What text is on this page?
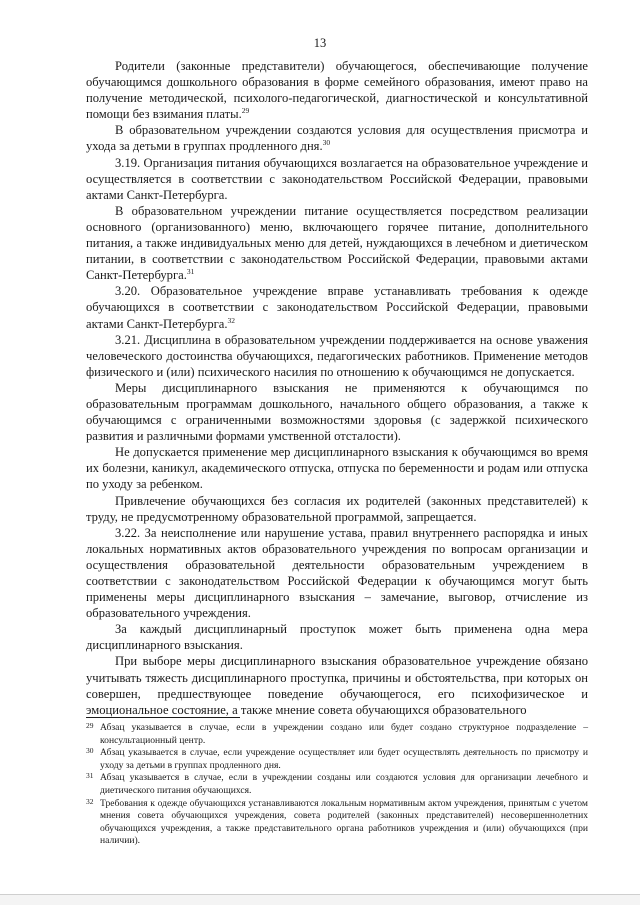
13

Родители (законные представители) обучающегося, обеспечивающие получение обучающимся дошкольного образования в форме семейного образования, имеют право на получение методической, психолого-педагогической, диагностической и консультативной помощи без взимания платы.$^{29}$

В образовательном учреждении создаются условия для осуществления присмотра и ухода за детьми в группах продленного дня.$^{30}$

3.19. Организация питания обучающихся возлагается на образовательное учреждение и осуществляется в соответствии с законодательством Российской Федерации, правовыми актами Санкт-Петербурга.

В образовательном учреждении питание осуществляется посредством реализации основного (организованного) меню, включающего горячее питание, дополнительного питания, а также индивидуальных меню для детей, нуждающихся в лечебном и диетическом питании, в соответствии с законодательством Российской Федерации, правовыми актами Санкт-Петербурга.$^{31}$

3.20. Образовательное учреждение вправе устанавливать требования к одежде обучающихся в соответствии с законодательством Российской Федерации, правовыми актами Санкт-Петербурга.$^{32}$

3.21. Дисциплина в образовательном учреждении поддерживается на основе уважения человеческого достоинства обучающихся, педагогических работников. Применение методов физического и (или) психического насилия по отношению к обучающимся не допускается.

Меры дисциплинарного взыскания не применяются к обучающимся по образовательным программам дошкольного, начального общего образования, а также к обучающимся с ограниченными возможностями здоровья (с задержкой психического развития и различными формами умственной отсталости).

Не допускается применение мер дисциплинарного взыскания к обучающимся во время их болезни, каникул, академического отпуска, отпуска по беременности и родам или отпуска по уходу за ребенком.

Привлечение обучающихся без согласия их родителей (законных представителей) к труду, не предусмотренному образовательной программой, запрещается.

3.22. За неисполнение или нарушение устава, правил внутреннего распорядка и иных локальных нормативных актов образовательного учреждения по вопросам организации и осуществления образовательной деятельности образовательным учреждением в соответствии с законодательством Российской Федерации к обучающимся могут быть применены меры дисциплинарного взыскания – замечание, выговор, отчисление из образовательного учреждения.

За каждый дисциплинарный проступок может быть применена одна мера дисциплинарного взыскания.

При выборе меры дисциплинарного взыскания образовательное учреждение обязано учитывать тяжесть дисциплинарного проступка, причины и обстоятельства, при которых он совершен, предшествующее поведение обучающегося, его психофизическое и эмоциональное состояние, а также мнение совета обучающихся образовательного

29 Абзац указывается в случае, если в учреждении создано или будет создано структурное подразделение – консультационный центр.

30 Абзац указывается в случае, если учреждение осуществляет или будет осуществлять деятельность по присмотру и уходу за детьми в группах продленного дня.

31 Абзац указывается в случае, если в учреждении созданы или создаются условия для организации лечебного и диетического питания обучающихся.

32 Требования к одежде обучающихся устанавливаются локальным нормативным актом учреждения, принятым с учетом мнения совета обучающихся учреждения, совета родителей (законных представителей) несовершеннолетних обучающихся учреждения, а также представительного органа работников учреждения и (или) обучающихся (при наличии).
